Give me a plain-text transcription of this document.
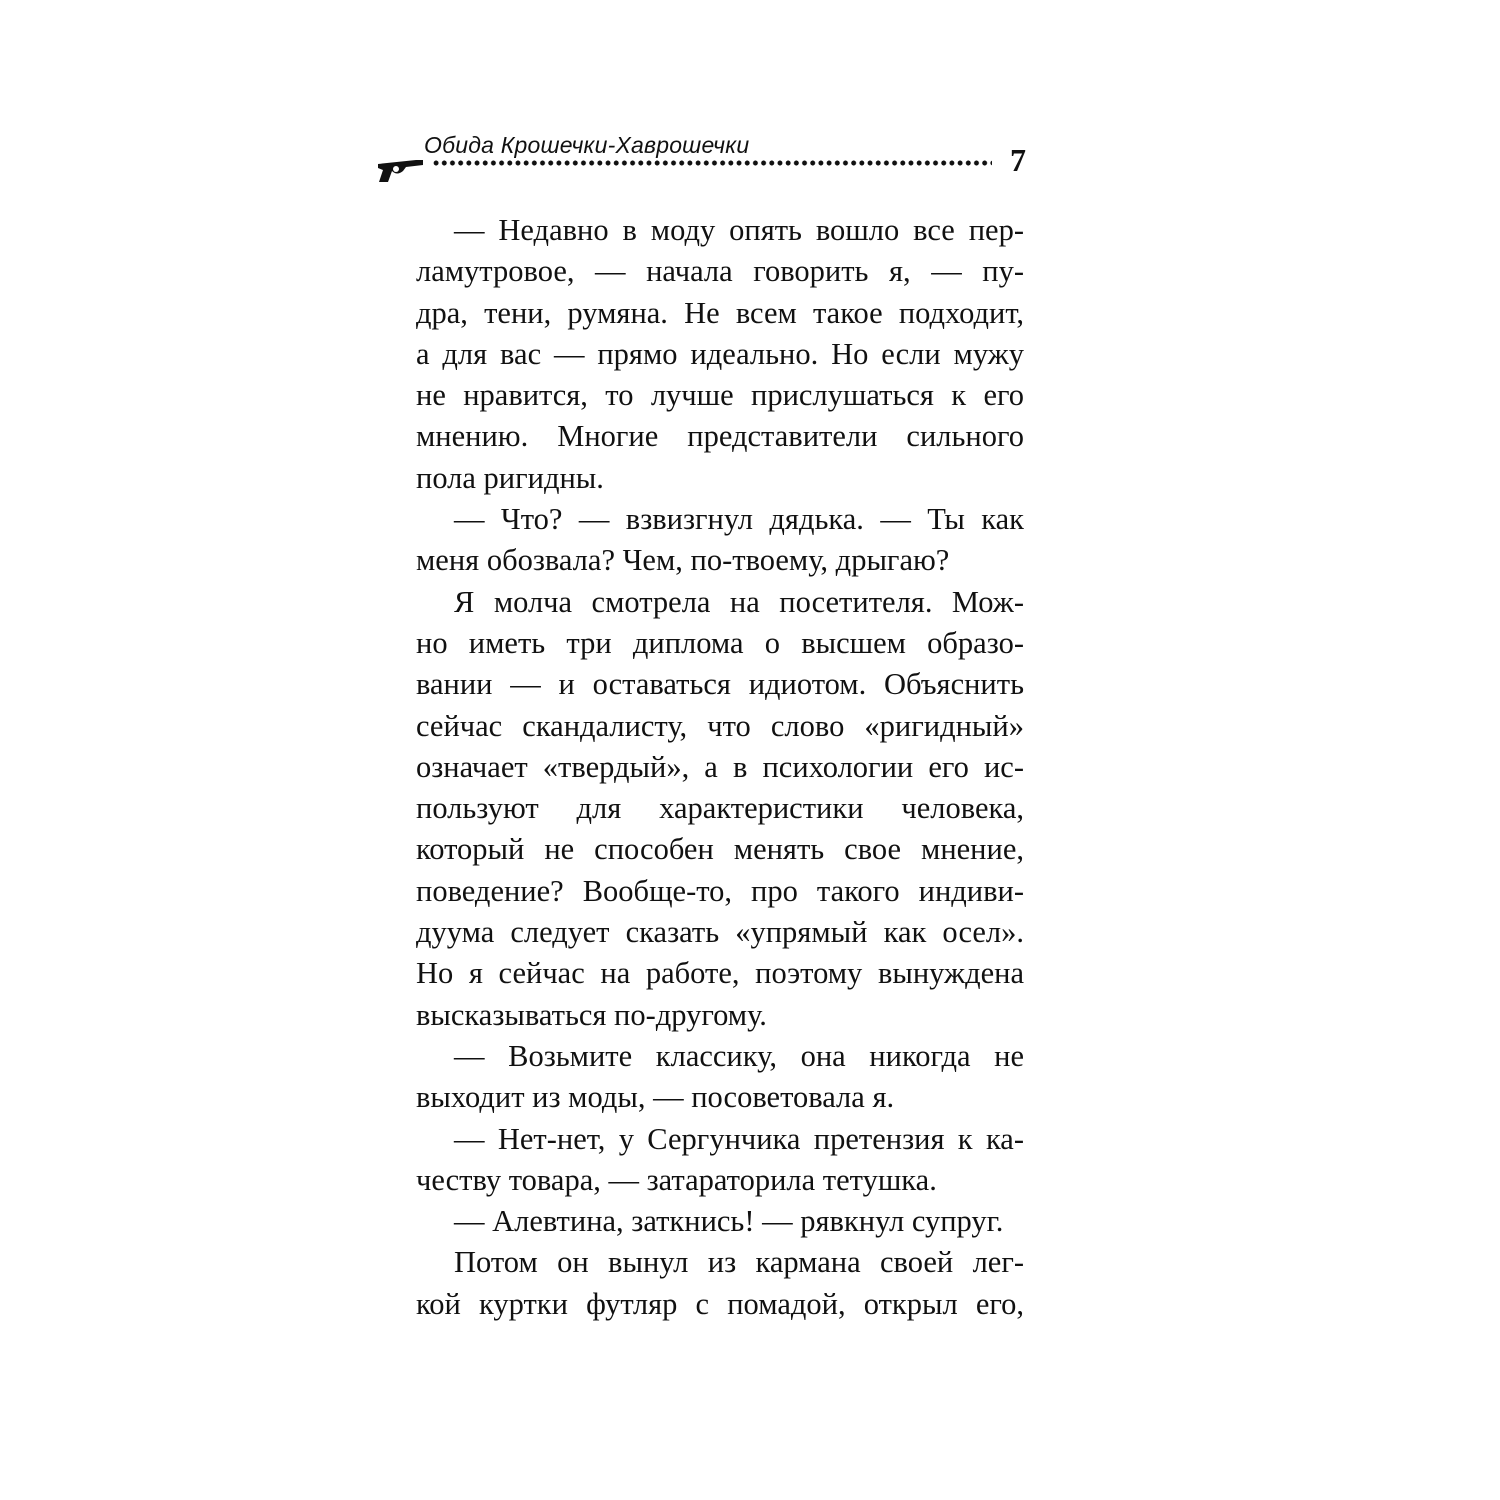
Обида Крошечки-Хаврошечки	7
— Недавно в моду опять вошло все пер-
ламутровое, — начала говорить я, — пу-
дра, тени, румяна. Не всем такое подходит,
а для вас — прямо идеально. Но если мужу
не нравится, то лучше прислушаться к его
мнению. Многие представители сильного
пола ригидны.
— Что? — взвизгнул дядька. — Ты как
меня обозвала? Чем, по-твоему, дрыгаю?
Я молча смотрела на посетителя. Мож-
но иметь три диплома о высшем образо-
вании — и оставаться идиотом. Объяснить
сейчас скандалисту, что слово «ригидный»
означает «твердый», а в психологии его ис-
пользуют для характеристики человека,
который не способен менять свое мнение,
поведение? Вообще-то, про такого индиви-
дуума следует сказать «упрямый как осел».
Но я сейчас на работе, поэтому вынуждена
высказываться по-другому.
— Возьмите классику, она никогда не
выходит из моды, — посоветовала я.
— Нет-нет, у Сергунчика претензия к ка-
честву товара, — затараторила тетушка.
— Алевтина, заткнись! — рявкнул супруг.
Потом он вынул из кармана своей лег-
кой куртки футляр с помадой, открыл его,
